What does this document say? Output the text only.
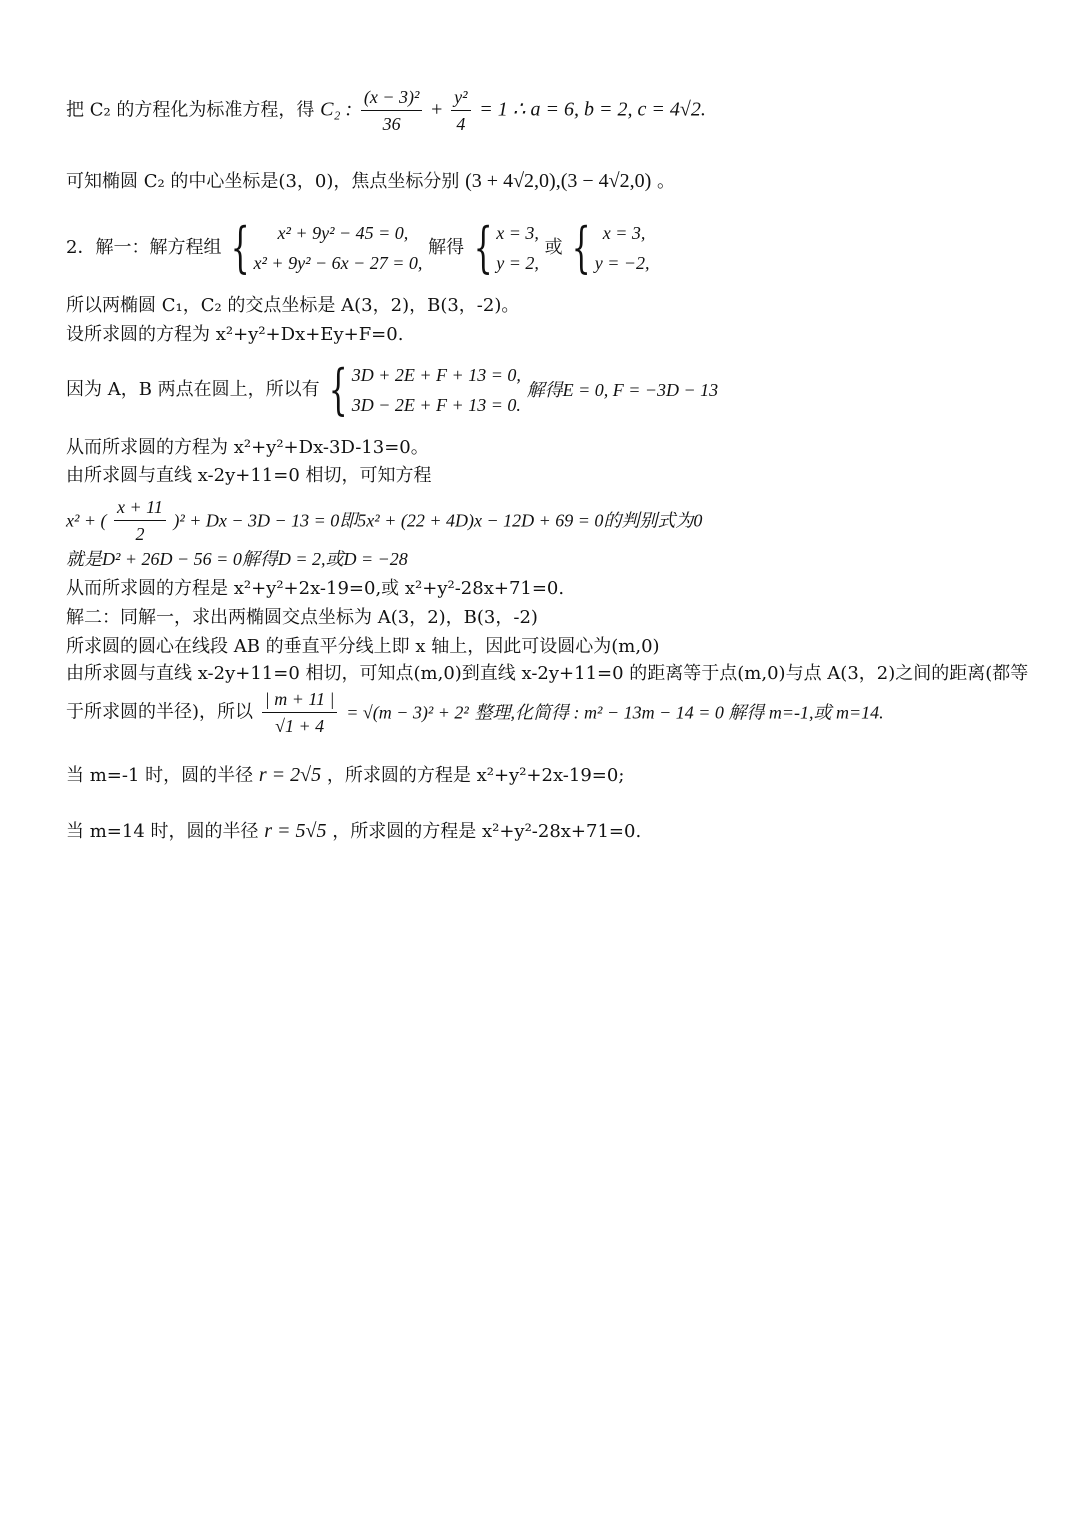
把 C₂ 的方程化为标准方程，得 C₂ : $\frac{\text{(x − 3)²}}{36} + \frac{\text{y²}}{4} = 1$ ∴ a = 6, b = 2, c = 4√2.
可知椭圆 C₂ 的中心坐标是(3，0)，焦点坐标分别 (3 + 4√2,0),(3 − 4√2,0) 。
2．解一：解方程组 {	x² + 9y² − 45 = 0,
x² + 9y² − 6x − 27 = 0,
解得 { x = 3,
y = 2,
或 { x = 3,
y = −2,
所以两椭圆 C₁，C₂ 的交点坐标是 A(3，2)，B(3，-2)。
设所求圆的方程为 x²+y²+Dx+Ey+F=0.
因为 A，B 两点在圆上，所以有 { 3D + 2E + F + 13 = 0,
3D − 2E + F + 13 = 0.
解得E = 0, F = −3D − 13
从而所求圆的方程为 x²+y²+Dx-3D-13=0。
由所求圆与直线 x-2y+11=0 相切，可知方程
x² + ( $\frac{x + 11}{2} )^2 + Dx - 3D - 13 = 0$即5x² + (22 + 4D)x − 12D + 69 = 0的判别式为0
就是D² + 26D − 56 = 0解得D = 2,或D = −28
从而所求圆的方程是 x²+y²+2x-19=0,或 x²+y²-28x+71=0.
解二：同解一，求出两椭圆交点坐标为 A(3，2)，B(3，-2)
所求圆的圆心在线段 AB 的垂直平分线上即 x 轴上，因此可设圆心为(m,0)
由所求圆与直线 x-2y+11=0 相切，可知点(m,0)到直线 x-2y+11=0 的距离等于点(m,0)与点 A(3，2)之间的距离(都等
于所求圆的半径)，所以 $\frac{| m + 11 |}{√1 + 4} = √(m - 3)^2 + 2^2$ 整理,化简得 : m² − 13m − 14 = 0 解得 m=-1,或 m=14.
当 m=-1 时，圆的半径 r = 2√5 ，所求圆的方程是 x²+y²+2x-19=0;
当 m=14 时，圆的半径 r = 5√5 ，所求圆的方程是 x²+y²-28x+71=0.
